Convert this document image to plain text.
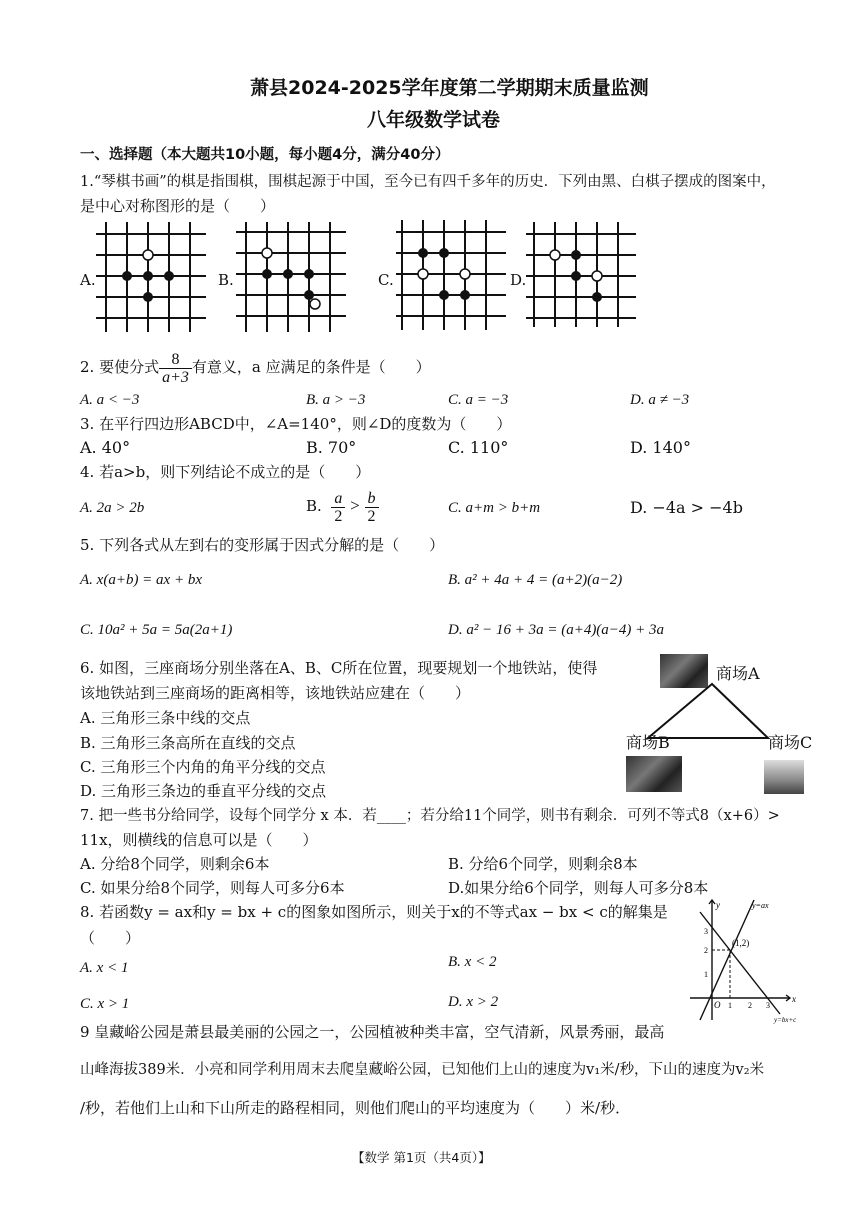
萧县2024-2025学年度第二学期期末质量监测
八年级数学试卷
一、选择题（本大题共10小题，每小题4分，满分40分）
1.“琴棋书画”的棋是指围棋，围棋起源于中国，至今已有四千多年的历史．下列由黑、白棋子摆成的图案中，
是中心对称图形的是（　　）
A.	B.	C.	D.
2. 要使分式 $\frac{8}{a+3}$ 有意义，a 应满足的条件是（　　）
A. a < −3	B. a > −3	C. a = −3	D. a ≠ −3
3. 在平行四边形ABCD中，∠A=140°，则∠D的度数为（　　）
A. 40°	B. 70°	C. 110°	D. 140°
4. 若a>b，则下列结论不成立的是（　　）
A. 2a > 2b	B. $\frac{a}{2} > \frac{b}{2}$	C. a+m > b+m	D. −4a > −4b
5. 下列各式从左到右的变形属于因式分解的是（　　）
A. x(a+b) = ax + bx	B. a² + 4a + 4 = (a+2)(a−2)
C. 10a² + 5a = 5a(2a+1)	D. a² − 16 + 3a = (a+4)(a−4) + 3a
6. 如图，三座商场分别坐落在A、B、C所在位置，现要规划一个地铁站，使得
该地铁站到三座商场的距离相等，该地铁站应建在（　　）
A. 三角形三条中线的交点
B. 三角形三条高所在直线的交点
C. 三角形三个内角的角平分线的交点
D. 三角形三条边的垂直平分线的交点
商场A
商场B	商场C
7. 把一些书分给同学，设每个同学分 x 本．若____；若分给11个同学，则书有剩余．可列不等式8（x+6）>
11x，则横线的信息可以是（　　）
A. 分给8个同学，则剩余6本	B. 分给6个同学，则剩余8本
C. 如果分给8个同学，则每人可多分6本	D.如果分给6个同学，则每人可多分8本
8. 若函数y = ax和y = bx + c的图象如图所示，则关于x的不等式ax − bx < c的解集是
（　　）
A. x < 1	B. x < 2
C. x > 1	D. x > 2
y	y=ax
x
(1,2)
O 1 2 3
1
2
3
y=bx+c
9 皇藏峪公园是萧县最美丽的公园之一，公园植被种类丰富，空气清新，风景秀丽，最高
山峰海拔389米．小亮和同学利用周末去爬皇藏峪公园，已知他们上山的速度为v₁米/秒，下山的速度为v₂米
/秒，若他们上山和下山所走的路程相同，则他们爬山的平均速度为（　　）米/秒．
【数学 第1页（共4页）】
